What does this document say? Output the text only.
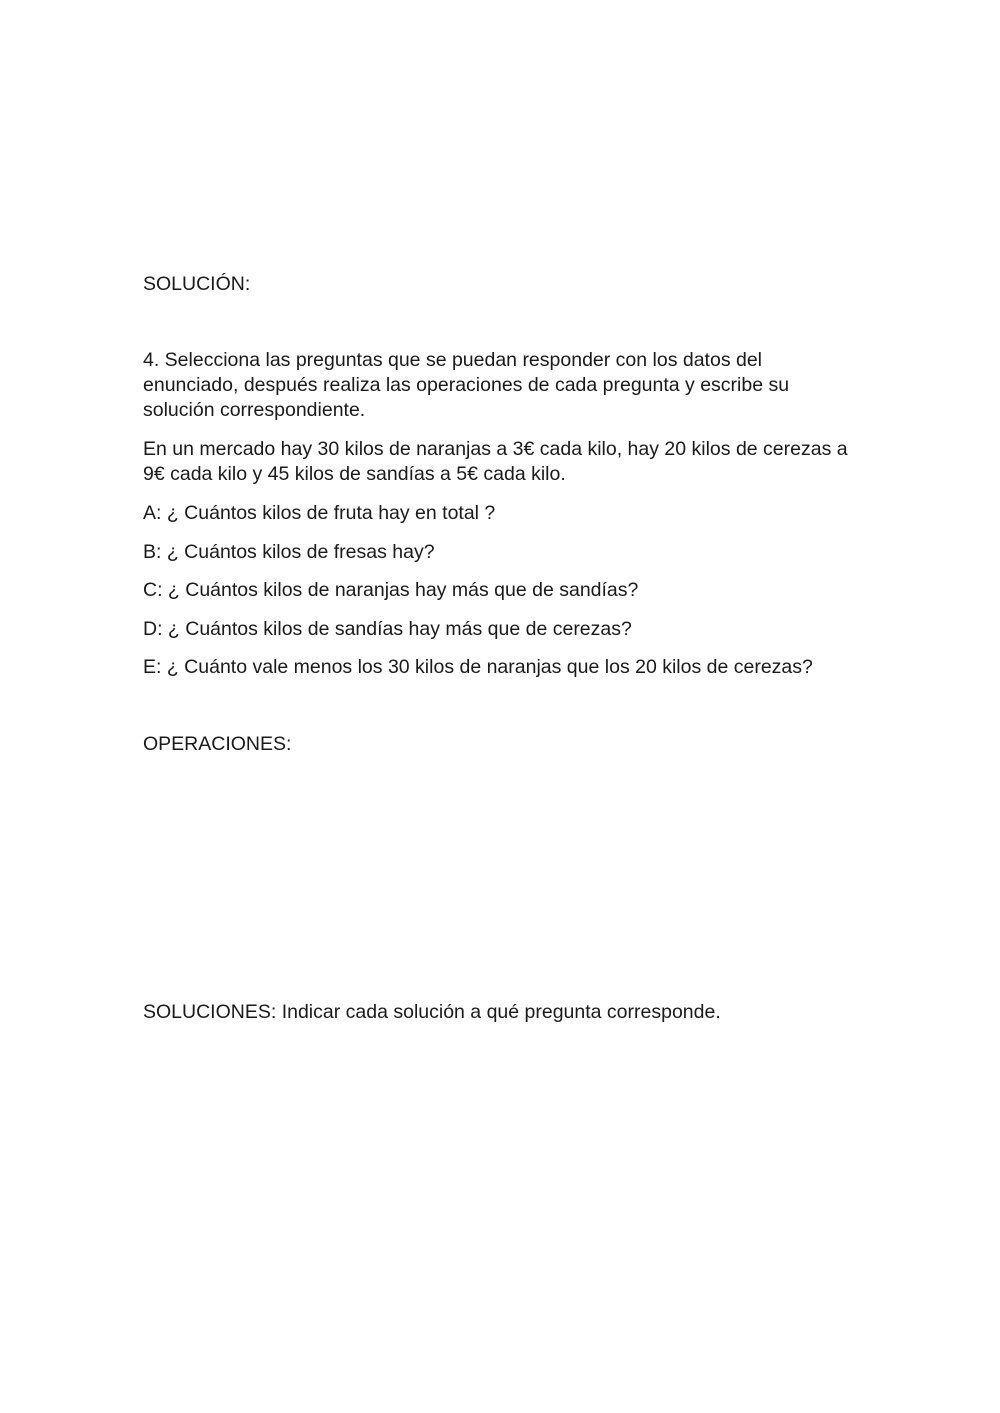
SOLUCIÓN:

4. Selecciona las preguntas que se puedan responder con los datos del enunciado, después realiza las operaciones de cada pregunta y escribe su solución correspondiente.

En un mercado hay 30 kilos de naranjas a 3€ cada kilo, hay 20 kilos de cerezas a 9€ cada kilo y 45 kilos de sandías a 5€ cada kilo.

A: ¿ Cuántos kilos de fruta hay en total ?

B: ¿ Cuántos kilos de fresas hay?

C: ¿ Cuántos kilos de naranjas hay más que de sandías?

D: ¿ Cuántos kilos de sandías hay más que de cerezas?

E: ¿ Cuánto vale menos los 30 kilos de naranjas que los 20 kilos de cerezas?

OPERACIONES:

SOLUCIONES: Indicar cada solución a qué pregunta corresponde.
